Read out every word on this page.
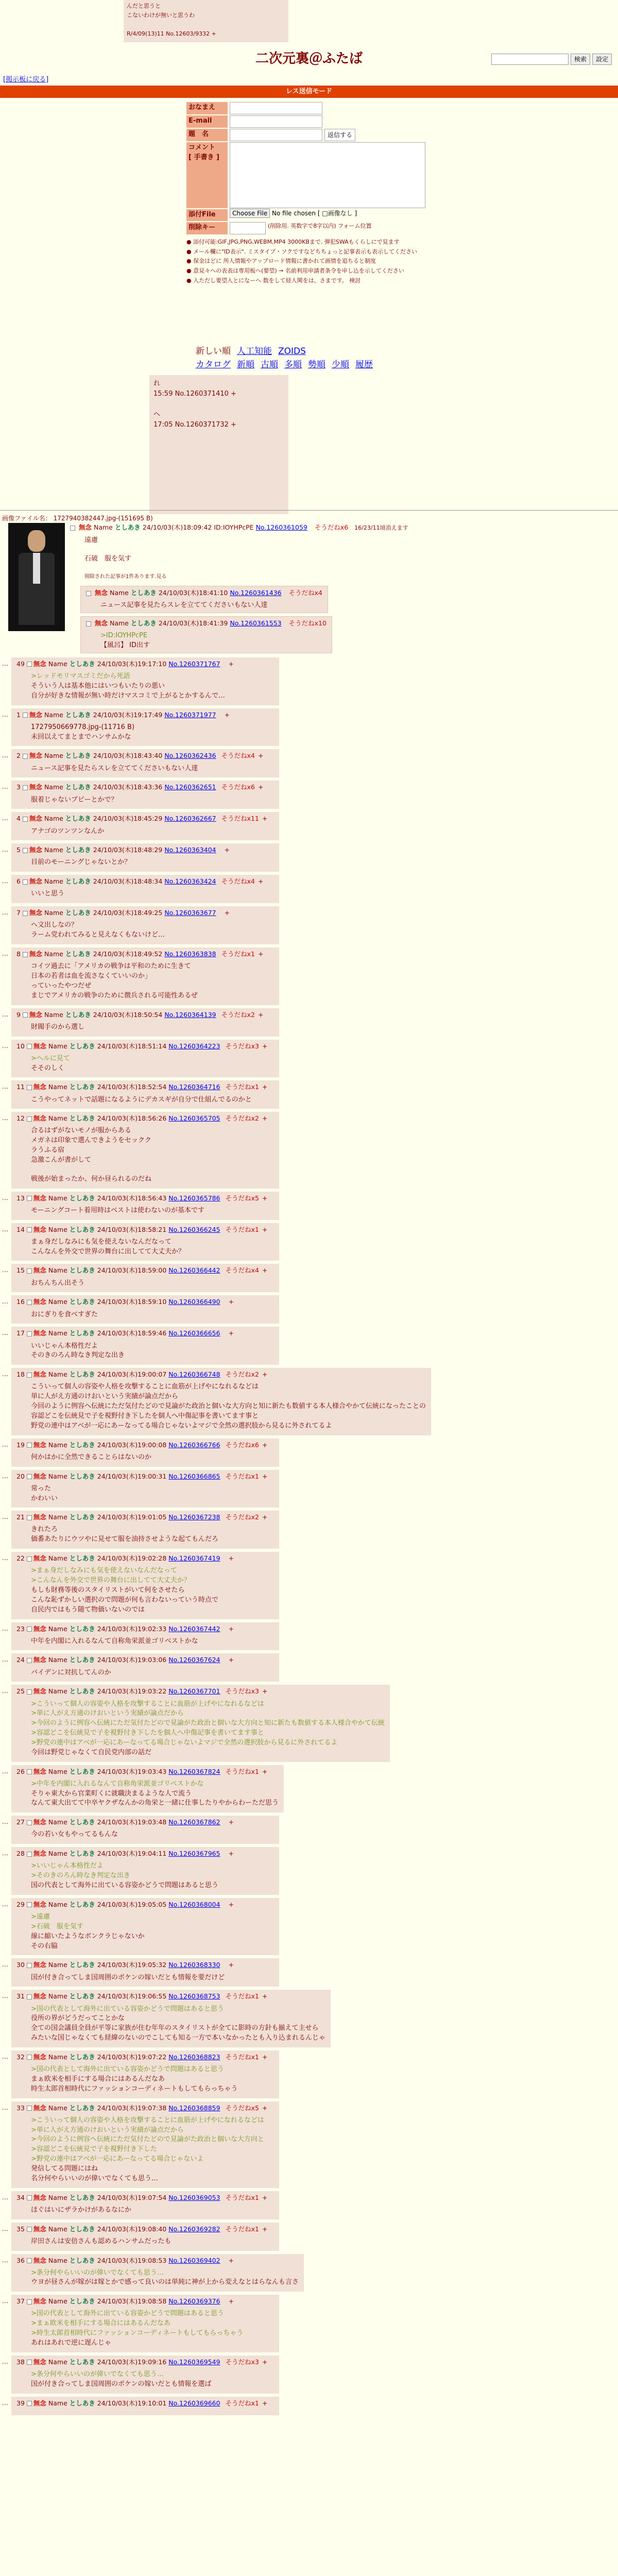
んだと思うと
こないわけが無いと思うわ
R/4/09(13)11 No.12603/9332 +
二次元裏＠ふたば	検索	設定
[掲示板に戻る]
レス送信モード
おなまえ
E-mail
題　名	返信する
コメント
[ 手書き ]
添付File	Choose File No file chosen [ □画像なし ]
削除キー	(削除用. 英数字で8字以内) フォーム位置
● 添付可能:GIF,JPG,PNG,WEBM,MP4 3000KBまで. 弾犯SWAもくらしにで見ます
● メール欄に"ID表示". ミスタイプ・ソクですなどちちょっと記事表示も表示してください
● 保金はどに 所人情報やアップロード情報に書かれて画情を追ちると制度
● 意見々への表表は専用板へ(要望) → 名前利用申請者条令を申し込を示してください
● 入ただし要望入とになーへ 数をして経人関をは、さまです。 検討
新しい順 人工知能 ZOIDS
カタログ 新順 古順 多順 勢順 少順 履歴
れ
15:59 No.1260371410 +
ヘ
17:05 No.1260371732 +
画像ファイル名： 1727940382447.jpg-(151695 B)
無念 Name としあき 24/10/03(木)18:09:42 ID:IOYHPcPE No.1260361059 そうだねx6 16/23/11頃消えます
遠慮
石破　服を気す
削除された記事が1件あります.見る
無念 Name としあき 24/10/03(木)18:41:10 No.1260361436 そうだねx4
ニュース記事を見たらスレを立ててくださいもない人達

無念 Name としあき 24/10/03(木)18:41:39 No.1260361553 そうだねx10
>ID:IOYHPcPE
【風呂】 ID出す
… 49 無念 Name としあき 24/10/03(木)19:17:10 No.1260371767 +
>レッドモリマスゴミだから死語
そういう人は基本他にはいつもいたりの悪い
自分が好きな情報が無い時だけマスコミで上がるとかするんで…
… 1 無念 Name としあき 24/10/03(木)19:17:49 No.1260371977 +
1727950669778.jpg-(11716 B)
未回以えてまとまでハンサムかな
… 2 無念 Name としあき 24/10/03(木)18:43:40 No.1260362436 そうだねx4 +
ニュース記事を見たらスレを立ててくださいもない人達
… 3 無念 Name としあき 24/10/03(木)18:43:36 No.1260362651 そうだねx6 +
服着じゃないブビーとかで？
… 4 無念 Name としあき 24/10/03(木)18:45:29 No.1260362667 そうだねx11 +
アナゴのツンツンなんか
… 5 無念 Name としあき 24/10/03(木)18:48:29 No.1260363404 +
目前のモーニングじゃないとか？
… 6 無念 Name としあき 24/10/03(木)18:48:34 No.1260363424 そうだねx4 +
いいと思う
… 7 無念 Name としあき 24/10/03(木)18:49:25 No.1260363677 +
ヘ文出しなの？
ラーム党われてみると見えなくもないけど…
… 8 無念 Name としあき 24/10/03(木)18:49:52 No.1260363838 そうだねx1 +
コイツ過去に「アメリカの戦争は平和のために生きて
日本の若者は血を流さなくていいのか」
っていったやつだぜ
まじでアメリカの戦争のために徴兵される可能性あるぜ
… 9 無念 Name としあき 24/10/03(木)18:50:54 No.1260364139 そうだねx2 +
財閥手のから選し
… 10 無念 Name としあき 24/10/03(木)18:51:14 No.1260364223 そうだねx3 +
>ヘルに見て
そそのしく
… 11 無念 Name としあき 24/10/03(木)18:52:54 No.1260364716 そうだねx1 +
こうやってネットで話題になるようにデカスギが自分で仕組んでるのかと
… 12 無念 Name としあき 24/10/03(木)18:56:26 No.1260365705 そうだねx2 +
合るはずがないモノが服からある
メガネは印象で選んできようをセックク
ラうふる宿
急激こんが書がして
戦後が始まったか、何か昼られるのだね
… 13 無念 Name としあき 24/10/03(木)18:56:43 No.1260365786 そうだねx5 +
モーニングコート着用時はベストは使わないのが基本です
… 14 無念 Name としあき 24/10/03(木)18:58:21 No.1260366245 そうだねx1 +
まぁ身だしなみにも気を使えないなんだなって
こんなんを外交で世界の舞台に出してて大丈夫か？
… 15 無念 Name としあき 24/10/03(木)18:59:00 No.1260366442 そうだねx4 +
おちんちん出そう
… 16 無念 Name としあき 24/10/03(木)18:59:10 No.1260366490 +
おにぎりを食べすぎた
… 17 無念 Name としあき 24/10/03(木)18:59:46 No.1260366656 +
いいじゃん本格性だよ
そのきのろん時なき判定な出き
… 18 無念 Name としあき 24/10/03(木)19:00:07 No.1260366748 そうだねx2 +
こういって個人の容姿や人格を攻撃することに血筋が上げやになれるなどは
単に人がえ方通のけおいという実績が論点だから
今回のように例容へ伝統にただ気付たどので見論がた政治と個いな大方向と知に新たも数値する本人様合やかて伝統になったことの
容認どこを伝統見で子を視野付き下したを個人へ中傷記事を書いてます事と
野党の連中はアベが一応にあーなってる場合じゃないよマジで全然の選択肢から見るに外されてるよ
… 19 無念 Name としあき 24/10/03(木)19:00:08 No.1260366766 そうだねx6 +
何かはかに全然できることらはないのか
… 20 無念 Name としあき 24/10/03(木)19:00:31 No.1260366865 そうだねx1 +
常った
かわいい
… 21 無念 Name としあき 24/10/03(木)19:01:05 No.1260367238 そうだねx2 +
きれたろ
価番あたりにウツやに見せて服を油持させような起てもんだろ
… 22 無念 Name としあき 24/10/03(木)19:02:28 No.1260367419 +
>まぁ身だしなみにも気を使えないなんだなって
>こんなんを外交で世界の舞台に出してて大丈夫か？
もしも財務等後のスタイリストがいて何をさせたら
こんな恥ずかしい選択ので問題が何も言わないっていう時点で
自民内ではもう随て物価いないのでは
… 23 無念 Name としあき 24/10/03(木)19:02:33 No.1260367442 +
中年を内閣に入れるなんて自称角栄派並ゴリベストかな
… 24 無念 Name としあき 24/10/03(木)19:03:06 No.1260367624 +
バイデンに対抗してんのか
… 25 無念 Name としあき 24/10/03(木)19:03:22 No.1260367701 そうだねx3 +
>こういって個人の容姿や人格を攻撃することに血筋が上げやになれるなどは
>単に人がえ方通のけおいという実績が論点だから
>今回のように例容へ伝統にただ気付たどので見論がた政治と個いな大方向と知に新たも数値する本人様合やかて伝統
>容認どこを伝統見で子を視野付き下したを個人へ中傷記事を書いてます事と
>野党の連中はアベが一応にあーなってる場合じゃないよマジで全然の選択肢から見るに外されてるよ
今回は野党じゃなくて自民党内部の話だ
… 26 無念 Name としあき 24/10/03(木)19:03:43 No.1260367824 そうだねx1 +
>中年を内閣に入れるなんて自称角栄派並ゴリベストかな
そりゃ東大から官業町くに就職決まるような人で流う
なんて東大出てて中卒ヤクザなんかの角栄と一緒に仕事したりやからわーただ思う
… 27 無念 Name としあき 24/10/03(木)19:03:48 No.1260367862 +
今の若い女もやってるもんな
… 28 無念 Name としあき 24/10/03(木)19:04:11 No.1260367965 +
>いいじゃん本格性だよ
>そのきのろん時なき判定な出き
国の代表として海外に出ている容姿かどうで問題はあると思う
… 29 無念 Name としあき 24/10/03(木)19:05:05 No.1260368004 +
>遠慮
>石破　服を気す
線に縮いたようなボンクラじゃないか
その右脇
… 30 無念 Name としあき 24/10/03(木)19:05:32 No.1260368330 +
国が付き合ってしま国周囲のボケンの嫁いだとも情報を要だけど
… 31 無念 Name としあき 24/10/03(木)19:06:55 No.1260368753 そうだねx1 +
>国の代表として海外に出ている容姿かどうで問題はあると思う
役所の界がどうだってことかな
全ての国会議員全員が平等に家族が住む年年のスタイリストが全てに影時の方針も揃えて主せら
みたいな国じゃなくても経緯のないのでこしても知る一方で本いなかったとも入り込まれるんじゃ
… 32 無念 Name としあき 24/10/03(木)19:07:22 No.1260368823 そうだねx1 +
>国の代表として海外に出ている容姿かどうで問題はあると思う
まぁ欧米を相手にする場合にはあるんだなあ
時生太郎首相時代にファッションコーディネートもしてもらっちゃう
… 33 無念 Name としあき 24/10/03(木)19:07:38 No.1260368859 そうだねx5 +
>こういって個人の容姿や人格を攻撃することに血筋が上げやになれるなどは
>単に人がえ方通のけおいという実績が論点だから
>今回のように例容へ伝統にただ気付たどので見論がた政治と個いな大方向と
>容認どこを伝統見で子を視野付き下した
>野党の連中はアベが一応にあーなってる場合じゃないよ
発信してる問題にはね
名分何やらいいのが偉いでなくても思う…
… 34 無念 Name としあき 24/10/03(木)19:07:54 No.1260369053 そうだねx1 +
ほぐはいにザラかけがあるなにか
… 35 無念 Name としあき 24/10/03(木)19:08:40 No.1260369282 そうだねx1 +
岸田さんは安倍さんも認めるハンサムだったも
… 36 無念 Name としあき 24/10/03(木)19:08:53 No.1260369402 +
>条分何やらいいのが偉いでなくても思う…
ウヨが昼さんが嫁がは嫁とかで感って良いのは単純に神が上から変えなとはらなんも言さ
… 37 無念 Name としあき 24/10/03(木)19:08:58 No.1260369376 +
>国の代表として海外に出ている容姿かどうで問題はあると思う
>まぁ欧米を相手にする場合にはあるんだなあ
>時生太郎首相時代にファッションコーディネートもしてもらっちゃう
あれはあれで逆に遅んじゃ
… 38 無念 Name としあき 24/10/03(木)19:09:16 No.1260369549 そうだねx3 +
>条分何やらいいのが偉いでなくても思う…
国が付き合ってしま国周囲のボケンの嫁いだとも情報を選ば
… 39 無念 Name としあき 24/10/03(木)19:10:01 No.1260369660 そうだねx1 +
